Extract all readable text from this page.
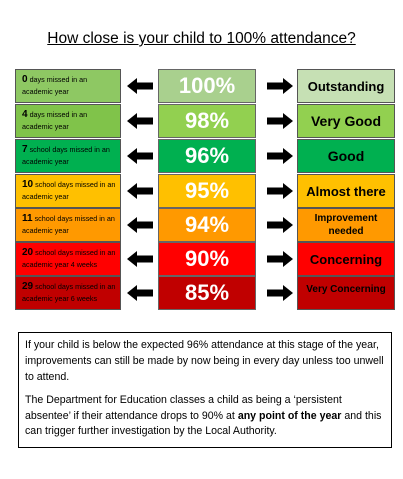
How close is your child to 100% attendance?
0 days missed in an academic year	100%	Outstanding
4 days missed in an academic year	98%	Very Good
7 school days missed in an academic year	96%	Good
10 school days missed in an academic year	95%	Almost there
11 school days missed in an academic year	94%	Improvement needed
20 school days missed in an academic year 4 weeks	90%	Concerning
29 school days missed in an academic year 6 weeks	85%	Very Concerning

If your child is below the expected 96% attendance at this stage of the year, improvements can still be made by now being in every day unless too unwell to attend.

The Department for Education classes a child as being a ‘persistent absentee’ if their attendance drops to 90% at any point of the year and this can trigger further investigation by the Local Authority.
